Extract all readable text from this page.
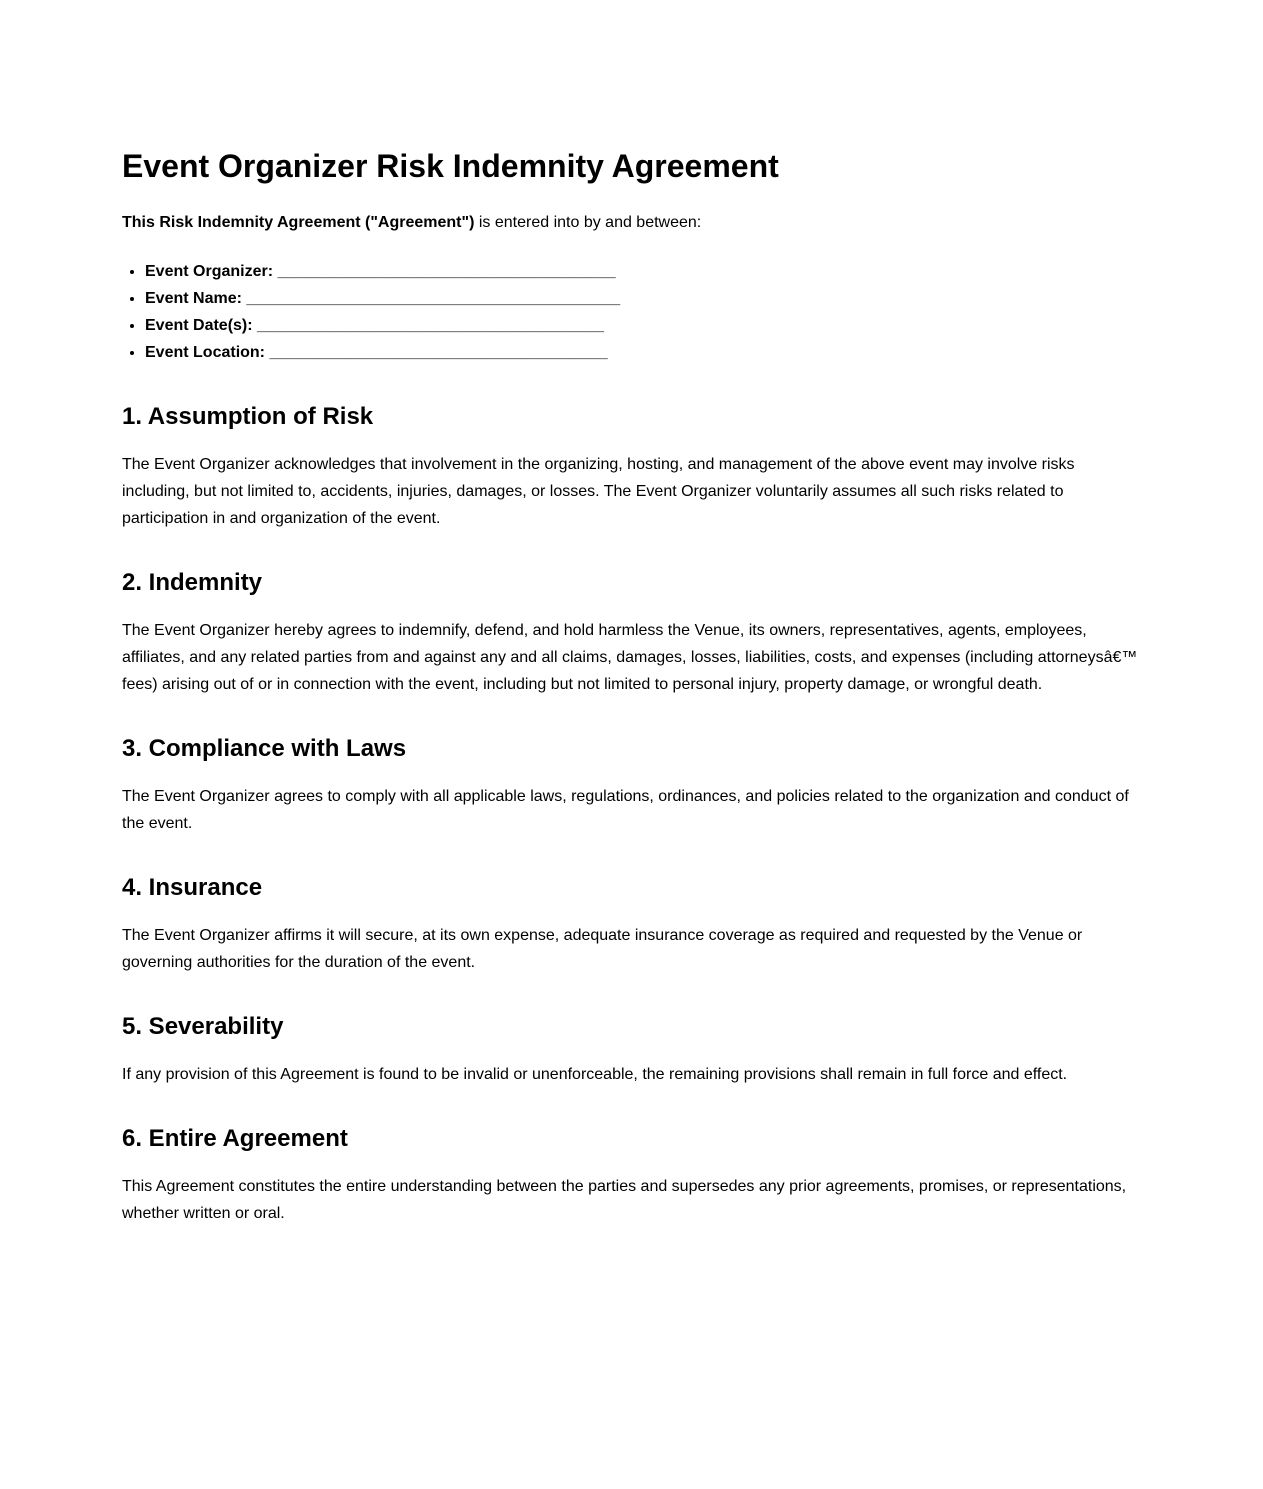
Event Organizer Risk Indemnity Agreement

This Risk Indemnity Agreement ("Agreement") is entered into by and between:

• Event Organizer: ______________________________________
• Event Name: __________________________________________
• Event Date(s): _______________________________________
• Event Location: ______________________________________
1. Assumption of Risk

The Event Organizer acknowledges that involvement in the organizing, hosting, and management of the above event may involve risks including, but not limited to, accidents, injuries, damages, or losses. The Event Organizer voluntarily assumes all such risks related to participation in and organization of the event.

2. Indemnity

The Event Organizer hereby agrees to indemnify, defend, and hold harmless the Venue, its owners, representatives, agents, employees, affiliates, and any related parties from and against any and all claims, damages, losses, liabilities, costs, and expenses (including attorneysâ€™ fees) arising out of or in connection with the event, including but not limited to personal injury, property damage, or wrongful death.

3. Compliance with Laws

The Event Organizer agrees to comply with all applicable laws, regulations, ordinances, and policies related to the organization and conduct of the event.

4. Insurance

The Event Organizer affirms it will secure, at its own expense, adequate insurance coverage as required and requested by the Venue or governing authorities for the duration of the event.

5. Severability

If any provision of this Agreement is found to be invalid or unenforceable, the remaining provisions shall remain in full force and effect.

6. Entire Agreement

This Agreement constitutes the entire understanding between the parties and supersedes any prior agreements, promises, or representations, whether written or oral.
